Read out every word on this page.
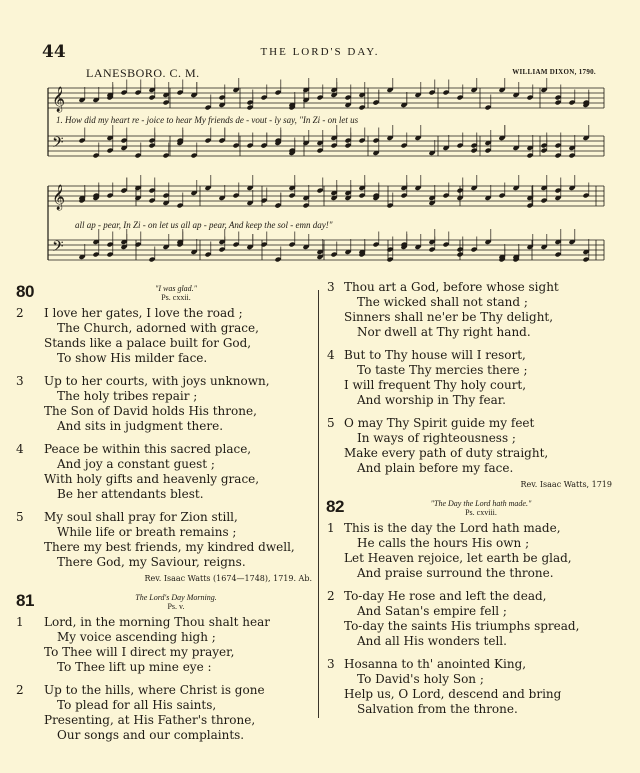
44	THE LORD'S DAY.
LANESBORO. C. M.	WILLIAM DIXON, 1790.
𝄞
𝄢
𝄞
𝄢
1. How did my heart re - joice to hear My friends de - vout - ly say, "In Zi - on let us
all ap - pear, In Zi - on let us all ap - pear, And keep the sol - emn day!"
80	"I was glad."
Ps. cxxii.
2	I love her gates, I love the road ;
The Church, adorned with grace,
Stands like a palace built for God,
To show His milder face.
3	Up to her courts, with joys unknown,
The holy tribes repair ;
The Son of David holds His throne,
And sits in judgment there.
4	Peace be within this sacred place,
And joy a constant guest ;
With holy gifts and heavenly grace,
Be her attendants blest.
5	My soul shall pray for Zion still,
While life or breath remains ;
There my best friends, my kindred dwell,
There God, my Saviour, reigns.
Rev. Isaac Watts (1674—1748), 1719. Ab.
81	The Lord's Day Morning.
Ps. v.
1	Lord, in the morning Thou shalt hear
My voice ascending high ;
To Thee will I direct my prayer,
To Thee lift up mine eye :
2	Up to the hills, where Christ is gone
To plead for all His saints,
Presenting, at His Father's throne,
Our songs and our complaints.
3 Thou art a God, before whose sight
The wicked shall not stand ;
Sinners shall ne'er be Thy delight,
Nor dwell at Thy right hand.
4 But to Thy house will I resort,
To taste Thy mercies there ;
I will frequent Thy holy court,
And worship in Thy fear.
5 O may Thy Spirit guide my feet
In ways of righteousness ;
Make every path of duty straight,
And plain before my face.
Rev. Isaac Watts, 1719
82	"The Day the Lord hath made."
Ps. cxviii.
1 This is the day the Lord hath made,
He calls the hours His own ;
Let Heaven rejoice, let earth be glad,
And praise surround the throne.
2 To-day He rose and left the dead,
And Satan's empire fell ;
To-day the saints His triumphs spread,
And all His wonders tell.
3 Hosanna to th' anointed King,
To David's holy Son ;
Help us, O Lord, descend and bring
Salvation from the throne.
